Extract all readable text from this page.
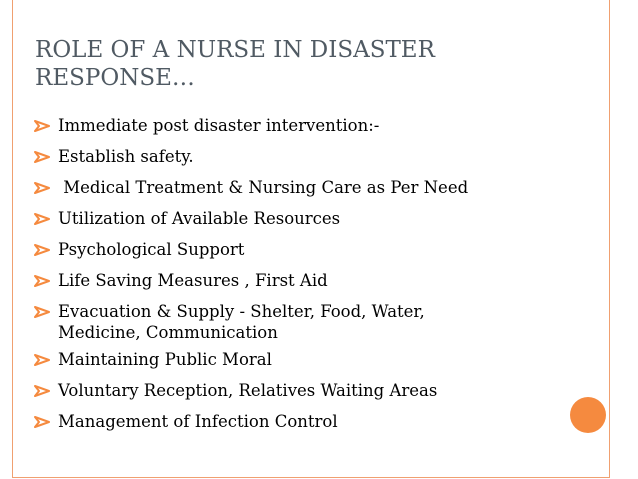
ROLE OF A NURSE IN DISASTER
RESPONSE…
Immediate post disaster intervention:-
Establish safety.
Medical Treatment & Nursing Care as Per Need
Utilization of Available Resources
Psychological Support
Life Saving Measures , First Aid
Evacuation & Supply - Shelter, Food, Water,
Medicine, Communication
Maintaining Public Moral
Voluntary Reception, Relatives Waiting Areas
Management of Infection Control
